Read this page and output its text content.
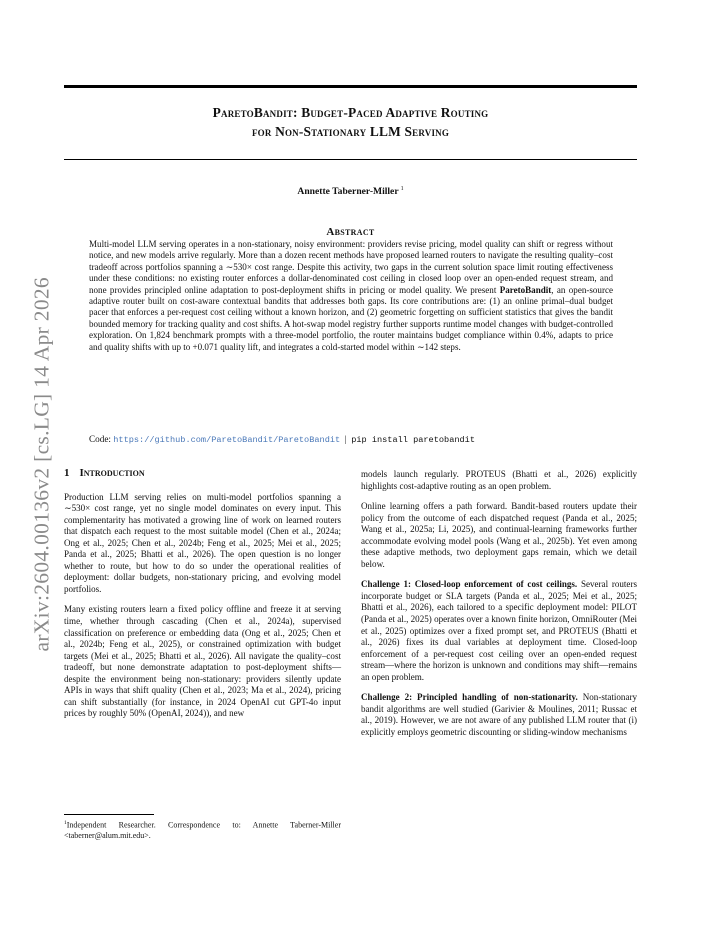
arXiv:2604.00136v2 [cs.LG] 14 Apr 2026
ParetoBandit: Budget-Paced Adaptive Routing
for Non-Stationary LLM Serving
Annette Taberner-Miller $^1$
Abstract
Multi-model LLM serving operates in a non-stationary, noisy environment: providers revise pricing, model quality can shift or regress without notice, and new models arrive regularly. More than a dozen recent methods have proposed learned routers to navigate the resulting quality–cost tradeoff across portfolios spanning a ∼530× cost range. Despite this activity, two gaps in the current solution space limit routing effectiveness under these conditions: no existing router enforces a dollar-denominated cost ceiling in closed loop over an open-ended request stream, and none provides principled online adaptation to post-deployment shifts in pricing or model quality. We present ParetoBandit, an open-source adaptive router built on cost-aware contextual bandits that addresses both gaps. Its core contributions are: (1) an online primal–dual budget pacer that enforces a per-request cost ceiling without a known horizon, and (2) geometric forgetting on sufficient statistics that gives the bandit bounded memory for tracking quality and cost shifts. A hot-swap model registry further supports runtime model changes with budget-controlled exploration. On 1,824 benchmark prompts with a three-model portfolio, the router maintains budget compliance within 0.4%, adapts to price and quality shifts with up to +0.071 quality lift, and integrates a cold-started model within ∼142 steps.
Code: https://github.com/ParetoBandit/ParetoBandit | pip install paretobandit
1 Introduction

Production LLM serving relies on multi-model portfolios spanning a ∼530× cost range, yet no single model dominates on every input. This complementarity has motivated a growing line of work on learned routers that dispatch each request to the most suitable model (Chen et al., 2024a; Ong et al., 2025; Chen et al., 2024b; Feng et al., 2025; Mei et al., 2025; Panda et al., 2025; Bhatti et al., 2026). The open question is no longer whether to route, but how to do so under the operational realities of deployment: dollar budgets, non-stationary pricing, and evolving model portfolios.

Many existing routers learn a fixed policy offline and freeze it at serving time, whether through cascading (Chen et al., 2024a), supervised classification on preference or embedding data (Ong et al., 2025; Chen et al., 2024b; Feng et al., 2025), or constrained optimization with budget targets (Mei et al., 2025; Bhatti et al., 2026). All navigate the quality–cost tradeoff, but none demonstrate adaptation to post-deployment shifts—despite the environment being non-stationary: providers silently update APIs in ways that shift quality (Chen et al., 2023; Ma et al., 2024), pricing can shift substantially (for instance, in 2024 OpenAI cut GPT-4o input prices by roughly 50% (OpenAI, 2024)), and new

models launch regularly. PROTEUS (Bhatti et al., 2026) explicitly highlights cost-adaptive routing as an open problem.

Online learning offers a path forward. Bandit-based routers update their policy from the outcome of each dispatched request (Panda et al., 2025; Wang et al., 2025a; Li, 2025), and continual-learning frameworks further accommodate evolving model pools (Wang et al., 2025b). Yet even among these adaptive methods, two deployment gaps remain, which we detail below.

Challenge 1: Closed-loop enforcement of cost ceilings. Several routers incorporate budget or SLA targets (Panda et al., 2025; Mei et al., 2025; Bhatti et al., 2026), each tailored to a specific deployment model: PILOT (Panda et al., 2025) operates over a known finite horizon, OmniRouter (Mei et al., 2025) optimizes over a fixed prompt set, and PROTEUS (Bhatti et al., 2026) fixes its dual variables at deployment time. Closed-loop enforcement of a per-request cost ceiling over an open-ended request stream—where the horizon is unknown and conditions may shift—remains an open problem.

Challenge 2: Principled handling of non-stationarity. Non-stationary bandit algorithms are well studied (Garivier & Moulines, 2011; Russac et al., 2019). However, we are not aware of any published LLM router that (i) explicitly employs geometric discounting or sliding-window mechanisms

$^1$Independent Researcher. Correspondence to: Annette Taberner-Miller <taberner@alum.mit.edu>.
